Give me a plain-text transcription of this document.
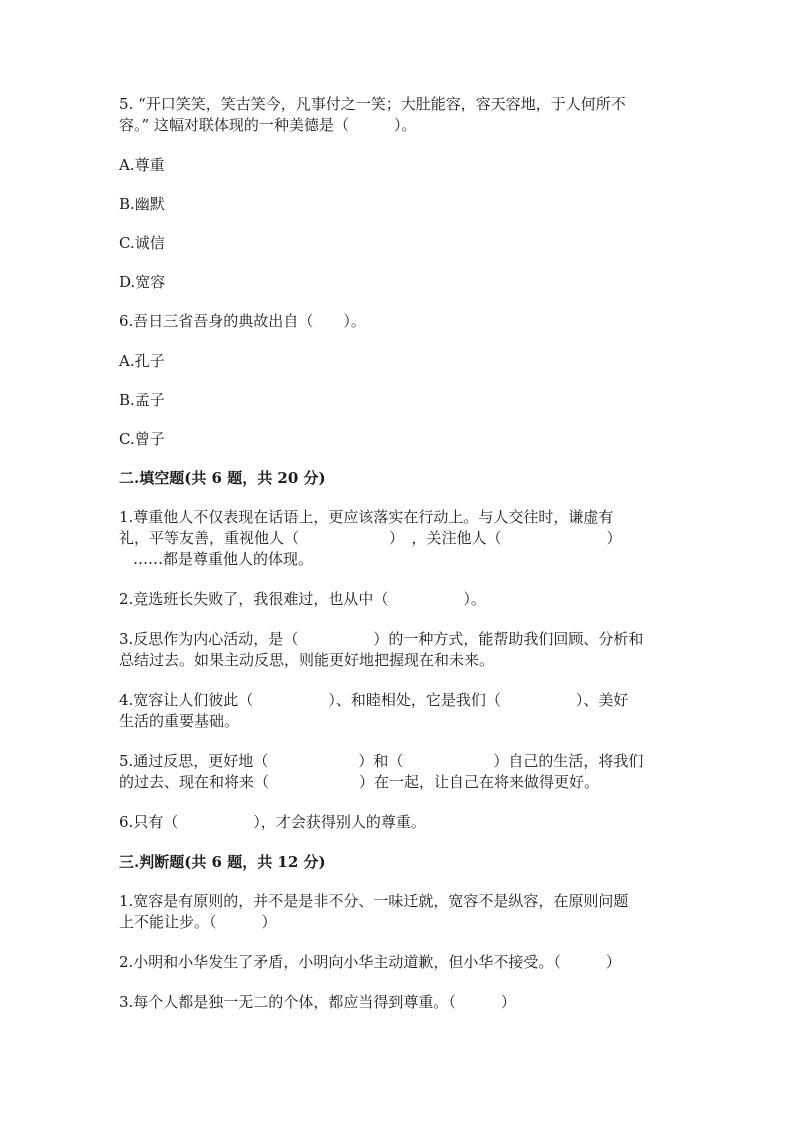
5. “开口笑笑，笑古笑今，凡事付之一笑；大肚能容，容天容地，于人何所不
容。” 这幅对联体现的一种美德是（　　　）。
A.尊重
B.幽默
C.诚信
D.宽容
6.吾日三省吾身的典故出自（　　）。
A.孔子
B.孟子
C.曾子
二.填空题(共 6 题，共 20 分)
1.尊重他人不仅表现在话语上，更应该落实在行动上。与人交往时，谦虚有
礼，平等友善，重视他人（　　　　　　）　，关注他人（　　　　　　　）
……都是尊重他人的体现。
2.竞选班长失败了，我很难过，也从中（　　　　　）。
3.反思作为内心活动，是（　　　　　）的一种方式，能帮助我们回顾、分析和
总结过去。如果主动反思，则能更好地把握现在和未来。
4.宽容让人们彼此（　　　　　）、和睦相处，它是我们（　　　　　）、美好
生活的重要基础。
5.通过反思，更好地（　　　　　　）和（　　　　　　）自己的生活，将我们
的过去、现在和将来（　　　　　　）在一起，让自己在将来做得更好。
6.只有（　　　　　），才会获得别人的尊重。
三.判断题(共 6 题，共 12 分)
1.宽容是有原则的，并不是是非不分、一味迁就，宽容不是纵容，在原则问题
上不能让步。（　　　）
2.小明和小华发生了矛盾，小明向小华主动道歉，但小华不接受。（　　　）
3.每个人都是独一无二的个体，都应当得到尊重。（　　　）
